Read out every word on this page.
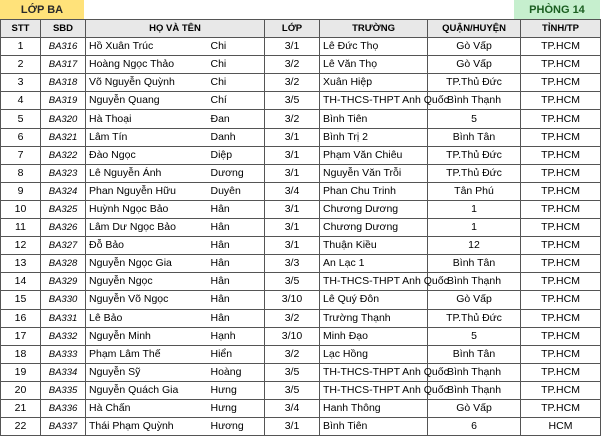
LỚP BA	PHÒNG 14
STT	SBD	HỌ VÀ TÊN		LỚP	TRƯỜNG	QUẬN/HUYỆN	TỈNH/TP
1	BA316	Hồ Xuân Trúc	Chi	3/1	Lê Đức Thọ	Gò Vấp	TP.HCM
2	BA317	Hoàng Ngọc Thảo	Chi	3/2	Lê Văn Thọ	Gò Vấp	TP.HCM
3	BA318	Võ Nguyễn Quỳnh	Chi	3/2	Xuân Hiệp	TP.Thủ Đức	TP.HCM
4	BA319	Nguyễn Quang	Chí	3/5	TH-THCS-THPT Anh Quốc	Bình Thạnh	TP.HCM
5	BA320	Hà Thoại	Đan	3/2	Bình Tiên	5	TP.HCM
6	BA321	Lâm Tín	Danh	3/1	Bình Trị 2	Bình Tân	TP.HCM
7	BA322	Đào Ngọc	Diệp	3/1	Phạm Văn Chiêu	TP.Thủ Đức	TP.HCM
8	BA323	Lê Nguyễn Ánh	Dương	3/1	Nguyễn Văn Trỗi	TP.Thủ Đức	TP.HCM
9	BA324	Phan Nguyễn Hữu	Duyên	3/4	Phan Chu Trinh	Tân Phú	TP.HCM
10	BA325	Huỳnh Ngọc Bảo	Hân	3/1	Chương Dương	1	TP.HCM
11	BA326	Lâm Dư Ngọc Bảo	Hân	3/1	Chương Dương	1	TP.HCM
12	BA327	Đỗ Bảo	Hân	3/1	Thuận Kiều	12	TP.HCM
13	BA328	Nguyễn Ngọc Gia	Hân	3/3	An Lạc 1	Bình Tân	TP.HCM
14	BA329	Nguyễn Ngọc	Hân	3/5	TH-THCS-THPT Anh Quốc	Bình Thạnh	TP.HCM
15	BA330	Nguyễn Võ Ngọc	Hân	3/10	Lê Quý Đôn	Gò Vấp	TP.HCM
16	BA331	Lê Bảo	Hân	3/2	Trường Thạnh	TP.Thủ Đức	TP.HCM
17	BA332	Nguyễn Minh	Hạnh	3/10	Minh Đạo	5	TP.HCM
18	BA333	Phạm Lâm Thế	Hiển	3/2	Lạc Hồng	Bình Tân	TP.HCM
19	BA334	Nguyễn Sỹ	Hoàng	3/5	TH-THCS-THPT Anh Quốc	Bình Thạnh	TP.HCM
20	BA335	Nguyễn Quách Gia	Hưng	3/5	TH-THCS-THPT Anh Quốc	Bình Thạnh	TP.HCM
21	BA336	Hà Chấn	Hưng	3/4	Hanh Thông	Gò Vấp	TP.HCM
22	BA337	Thái Phạm Quỳnh	Hương	3/1	Bình Tiên	6	HCM
